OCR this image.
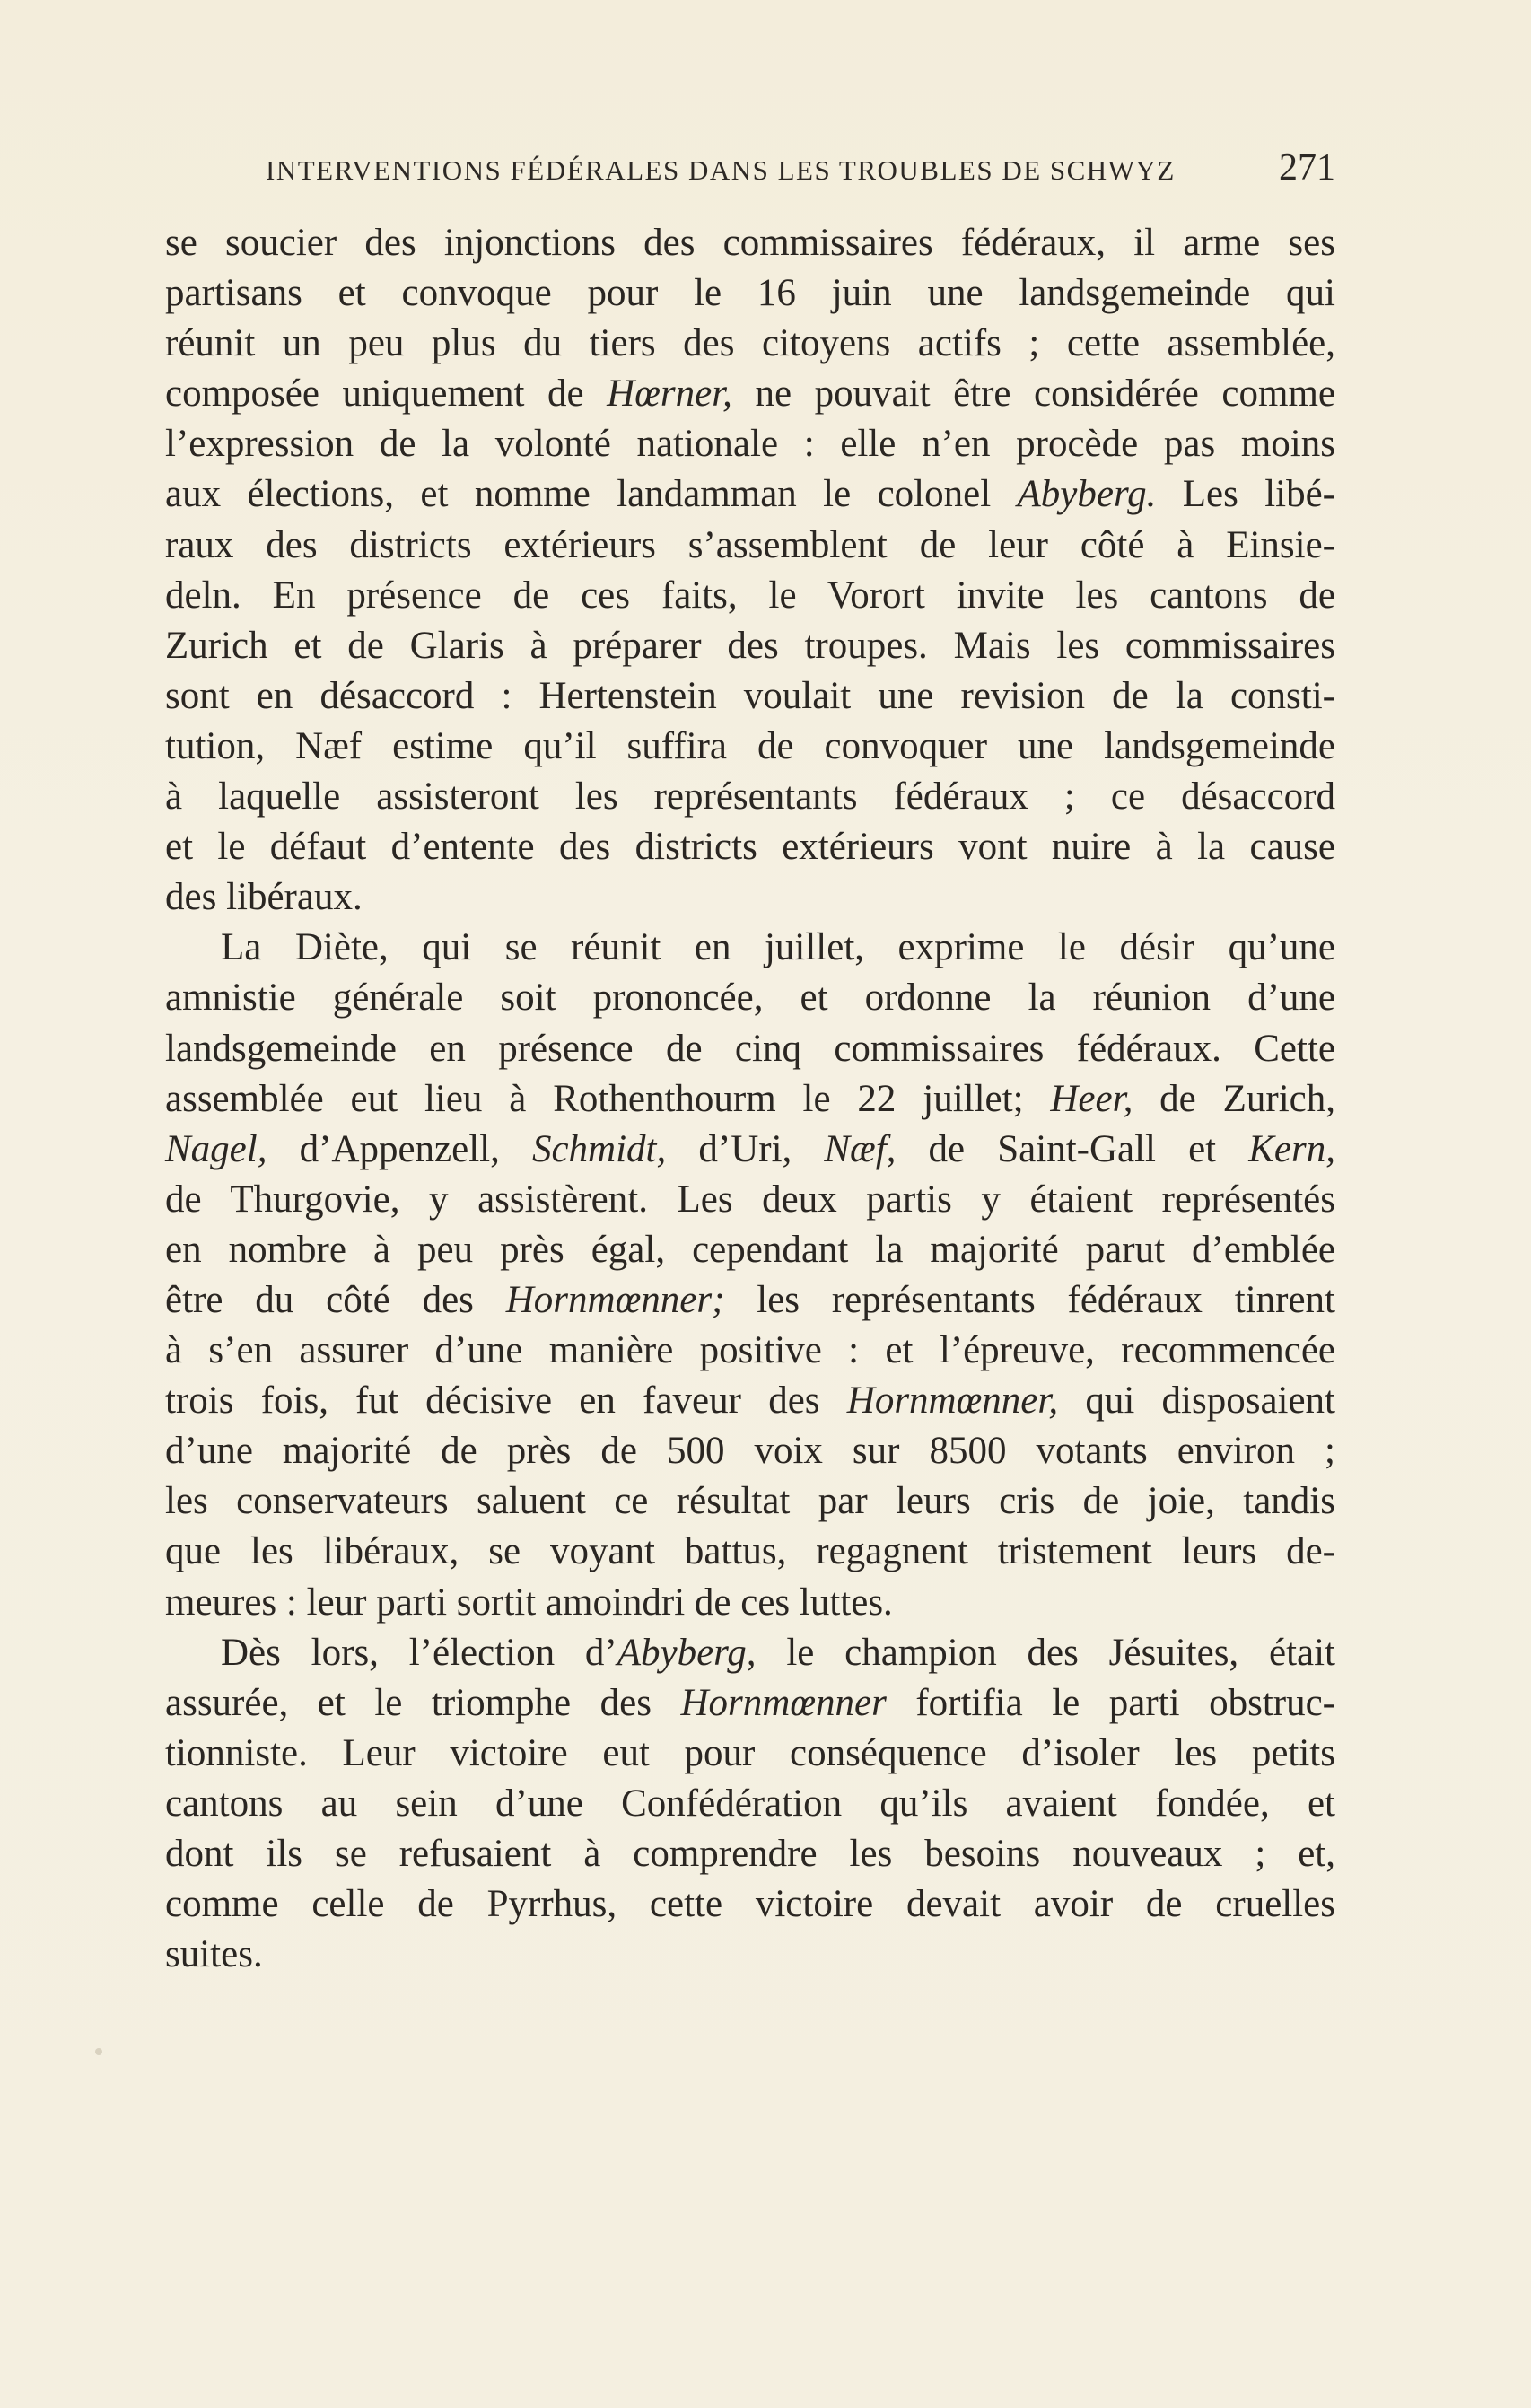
INTERVENTIONS FÉDÉRALES DANS LES TROUBLES DE SCHWYZ	271

se soucier des injonctions des commissaires fédéraux, il arme ses
partisans et convoque pour le 16 juin une landsgemeinde qui
réunit un peu plus du tiers des citoyens actifs ; cette assemblée,
composée uniquement de Hœrner, ne pouvait être considérée comme
l’expression de la volonté nationale : elle n’en procède pas moins
aux élections, et nomme landamman le colonel Abyberg. Les libé-
raux des districts extérieurs s’assemblent de leur côté à Einsie-
deln. En présence de ces faits, le Vorort invite les cantons de
Zurich et de Glaris à préparer des troupes. Mais les commissaires
sont en désaccord : Hertenstein voulait une revision de la consti-
tution, Næf estime qu’il suffira de convoquer une landsgemeinde
à laquelle assisteront les représentants fédéraux ; ce désaccord
et le défaut d’entente des districts extérieurs vont nuire à la cause
des libéraux.

La Diète, qui se réunit en juillet, exprime le désir qu’une
amnistie générale soit prononcée, et ordonne la réunion d’une
landsgemeinde en présence de cinq commissaires fédéraux. Cette
assemblée eut lieu à Rothenthourm le 22 juillet; Heer, de Zurich,
Nagel, d’Appenzell, Schmidt, d’Uri, Næf, de Saint-Gall et Kern,
de Thurgovie, y assistèrent. Les deux partis y étaient représentés
en nombre à peu près égal, cependant la majorité parut d’emblée
être du côté des Hornmœnner; les représentants fédéraux tinrent
à s’en assurer d’une manière positive : et l’épreuve, recommencée
trois fois, fut décisive en faveur des Hornmœnner, qui disposaient
d’une majorité de près de 500 voix sur 8500 votants environ ;
les conservateurs saluent ce résultat par leurs cris de joie, tandis
que les libéraux, se voyant battus, regagnent tristement leurs de-
meures : leur parti sortit amoindri de ces luttes.

Dès lors, l’élection d’Abyberg, le champion des Jésuites, était
assurée, et le triomphe des Hornmœnner fortifia le parti obstruc-
tionniste. Leur victoire eut pour conséquence d’isoler les petits
cantons au sein d’une Confédération qu’ils avaient fondée, et
dont ils se refusaient à comprendre les besoins nouveaux ; et,
comme celle de Pyrrhus, cette victoire devait avoir de cruelles
suites.
